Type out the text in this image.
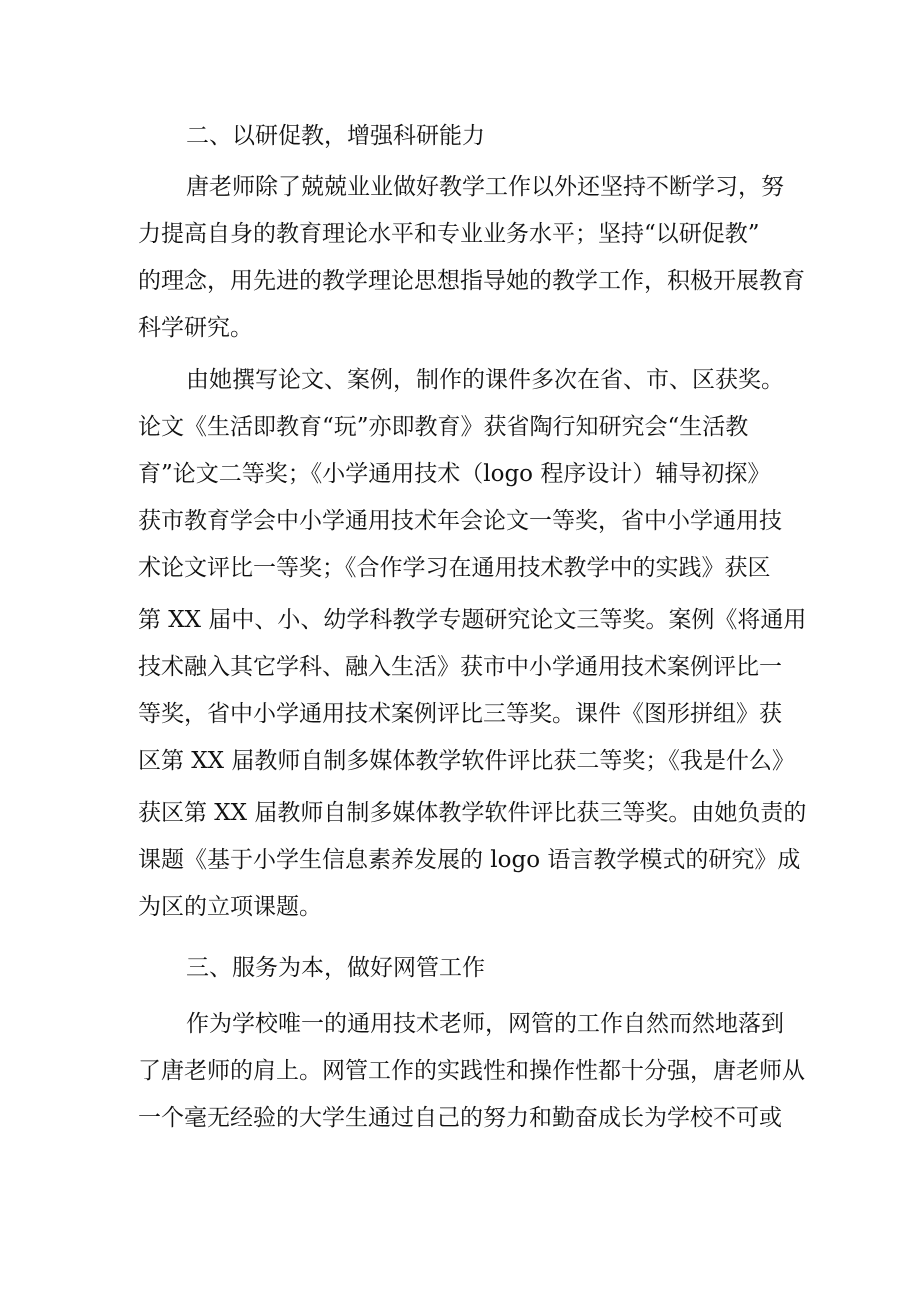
二、以研促教，增强科研能力

唐老师除了兢兢业业做好教学工作以外还坚持不断学习，努

力提高自身的教育理论水平和专业业务水平；坚持“以研促教”

的理念，用先进的教学理论思想指导她的教学工作，积极开展教育

科学研究。

由她撰写论文、案例，制作的课件多次在省、市、区获奖。

论文《生活即教育“玩”亦即教育》获省陶行知研究会“生活教

育”论文二等奖；《小学通用技术（logo 程序设计）辅导初探》

获市教育学会中小学通用技术年会论文一等奖，省中小学通用技

术论文评比一等奖；《合作学习在通用技术教学中的实践》获区

第 XX 届中、小、幼学科教学专题研究论文三等奖。案例《将通用

技术融入其它学科、融入生活》获市中小学通用技术案例评比一

等奖，省中小学通用技术案例评比三等奖。课件《图形拼组》获

区第 XX 届教师自制多媒体教学软件评比获二等奖；《我是什么》

获区第 XX 届教师自制多媒体教学软件评比获三等奖。由她负责的

课题《基于小学生信息素养发展的 logo 语言教学模式的研究》成

为区的立项课题。

三、服务为本，做好网管工作

作为学校唯一的通用技术老师，网管的工作自然而然地落到

了唐老师的肩上。网管工作的实践性和操作性都十分强，唐老师从

一个毫无经验的大学生通过自己的努力和勤奋成长为学校不可或
